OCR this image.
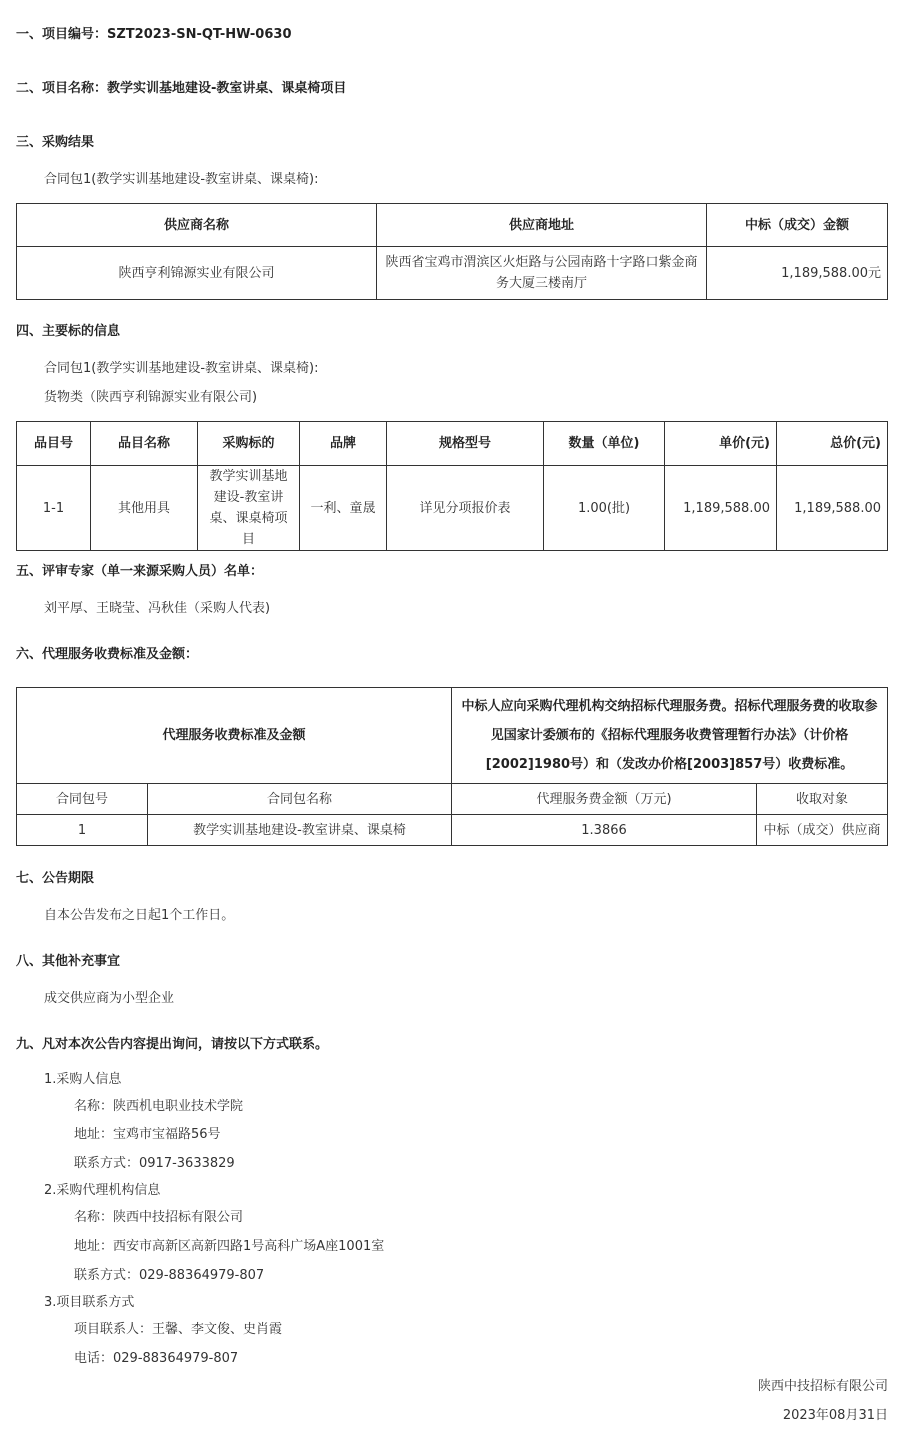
一、项目编号：SZT2023-SN-QT-HW-0630
二、项目名称：教学实训基地建设-教室讲桌、课桌椅项目
三、采购结果
合同包1(教学实训基地建设-教室讲桌、课桌椅):
供应商名称	供应商地址	中标（成交）金额
陕西亨利锦源实业有限公司	陕西省宝鸡市渭滨区火炬路与公园南路十字路口紫金商务大厦三楼南厅	1,189,588.00元
四、主要标的信息
合同包1(教学实训基地建设-教室讲桌、课桌椅):
货物类（陕西亨利锦源实业有限公司)
品目号	品目名称	采购标的	品牌	规格型号	数量（单位)	单价(元)	总价(元)
1-1	其他用具	教学实训基地建设-教室讲桌、课桌椅项目	一利、童晟	详见分项报价表	1.00(批)	1,189,588.00	1,189,588.00
五、评审专家（单一来源采购人员）名单：
刘平厚、王晓莹、冯秋佳（采购人代表)
六、代理服务收费标准及金额：
代理服务收费标准及金额		中标人应向采购代理机构交纳招标代理服务费。招标代理服务费的收取参见国家计委颁布的《招标代理服务收费管理暂行办法》（计价格[2002]1980号）和（发改办价格[2003]857号）收费标准。	
合同包号	合同包名称	代理服务费金额（万元)	收取对象
1	教学实训基地建设-教室讲桌、课桌椅	1.3866	中标（成交）供应商
七、公告期限
自本公告发布之日起1个工作日。
八、其他补充事宜
成交供应商为小型企业
九、凡对本次公告内容提出询问，请按以下方式联系。
1.采购人信息
名称：陕西机电职业技术学院
地址：宝鸡市宝福路56号
联系方式：0917-3633829
2.采购代理机构信息
名称：陕西中技招标有限公司
地址：西安市高新区高新四路1号高科广场A座1001室
联系方式：029-88364979-807
3.项目联系方式
项目联系人：王馨、李文俊、史肖霞
电话：029-88364979-807
陕西中技招标有限公司
2023年08月31日
